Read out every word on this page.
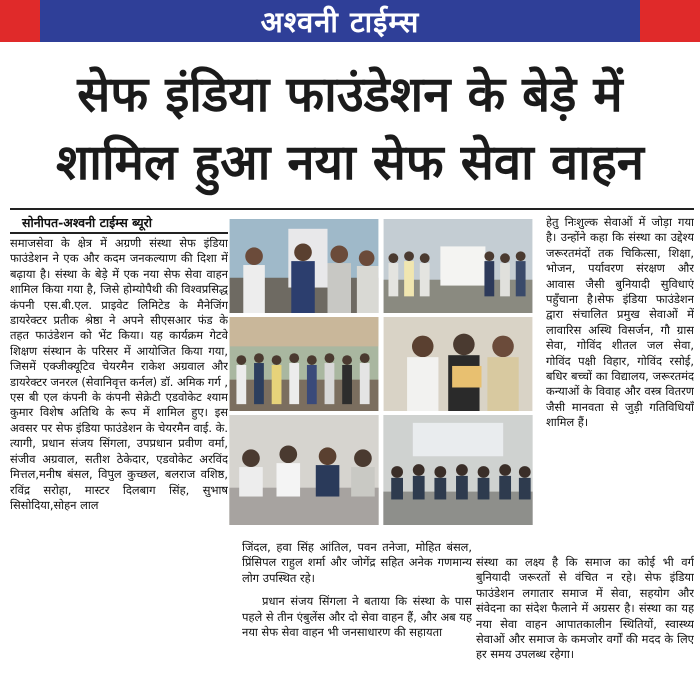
अश्वनी टाईम्स
सेफ इंडिया फाउंडेशन के बेड़े में
शामिल हुआ नया सेफ सेवा वाहन
सोनीपत-अश्वनी टाईम्स ब्यूरो

समाजसेवा के क्षेत्र में अग्रणी संस्था सेफ इंडिया फाउंडेशन ने एक और कदम जनकल्याण की दिशा में बढ़ाया है। संस्था के बेड़े में एक नया सेफ सेवा वाहन शामिल किया गया है, जिसे होम्योपैथी की विश्वप्रसिद्ध कंपनी एस.बी.एल. प्राइवेट लिमिटेड के मैनेजिंग डायरेक्टर प्रतीक श्रेष्ठा ने अपने सीएसआर फंड के तहत फाउंडेशन को भेंट किया। यह कार्यक्रम गेटवे शिक्षण संस्थान के परिसर में आयोजित किया गया, जिसमें एक्जीक्यूटिव चेयरमैन राकेश अग्रवाल और डायरेक्टर जनरल (सेवानिवृत्त कर्नल) डॉ. अमिक गर्ग , एस बी एल कंपनी के कंपनी सेक्रेटी एडवोकेट श्याम कुमार विशेष अतिथि के रूप में शामिल हुए। इस अवसर पर सेफ इंडिया फाउंडेशन के चेयरमैन वाई. के. त्यागी, प्रधान संजय सिंगला, उपप्रधान प्रवीण वर्मा, संजीव अग्रवाल, सतीश ठेकेदार, एडवोकेट अरविंद मित्तल,मनीष बंसल, विपुल कुच्छल, बलराज वशिष्ठ, रविंद्र सरोहा, मास्टर दिलबाग सिंह, सुभाष सिसोदिया,सोहन लाल

हेतु निःशुल्क सेवाओं में जोड़ा गया है। उन्होंने कहा कि संस्था का उद्देश्य जरूरतमंदों तक चिकित्सा, शिक्षा, भोजन, पर्यावरण संरक्षण और आवास जैसी बुनियादी सुविधाएं पहुँचाना है।सेफ इंडिया फाउंडेशन द्वारा संचालित प्रमुख सेवाओं में लावारिस अस्थि विसर्जन, गौ ग्रास सेवा, गोविंद शीतल जल सेवा, गोविंद पक्षी विहार, गोविंद रसोई, बधिर बच्चों का विद्यालय, जरूरतमंद कन्याओं के विवाह और वस्त्र वितरण जैसी मानवता से जुड़ी गतिविधियाँ शामिल हैं।

जिंदल, हवा सिंह आंतिल, पवन तनेजा, मोहित बंसल, प्रिंसिपल राहुल शर्मा और जोगेंद्र सहित अनेक गणमान्य लोग उपस्थित रहे।

प्रधान संजय सिंगला ने बताया कि संस्था के पास पहले से तीन एंबुलेंस और दो सेवा वाहन हैं, और अब यह नया सेफ सेवा वाहन भी जनसाधारण की सहायता

संस्था का लक्ष्य है कि समाज का कोई भी वर्ग बुनियादी जरूरतों से वंचित न रहे। सेफ इंडिया फाउंडेशन लगातार समाज में सेवा, सहयोग और संवेदना का संदेश फैलाने में अग्रसर है। संस्था का यह नया सेवा वाहन आपातकालीन स्थितियों, स्वास्थ्य सेवाओं और समाज के कमजोर वर्गों की मदद के लिए हर समय उपलब्ध रहेगा।
